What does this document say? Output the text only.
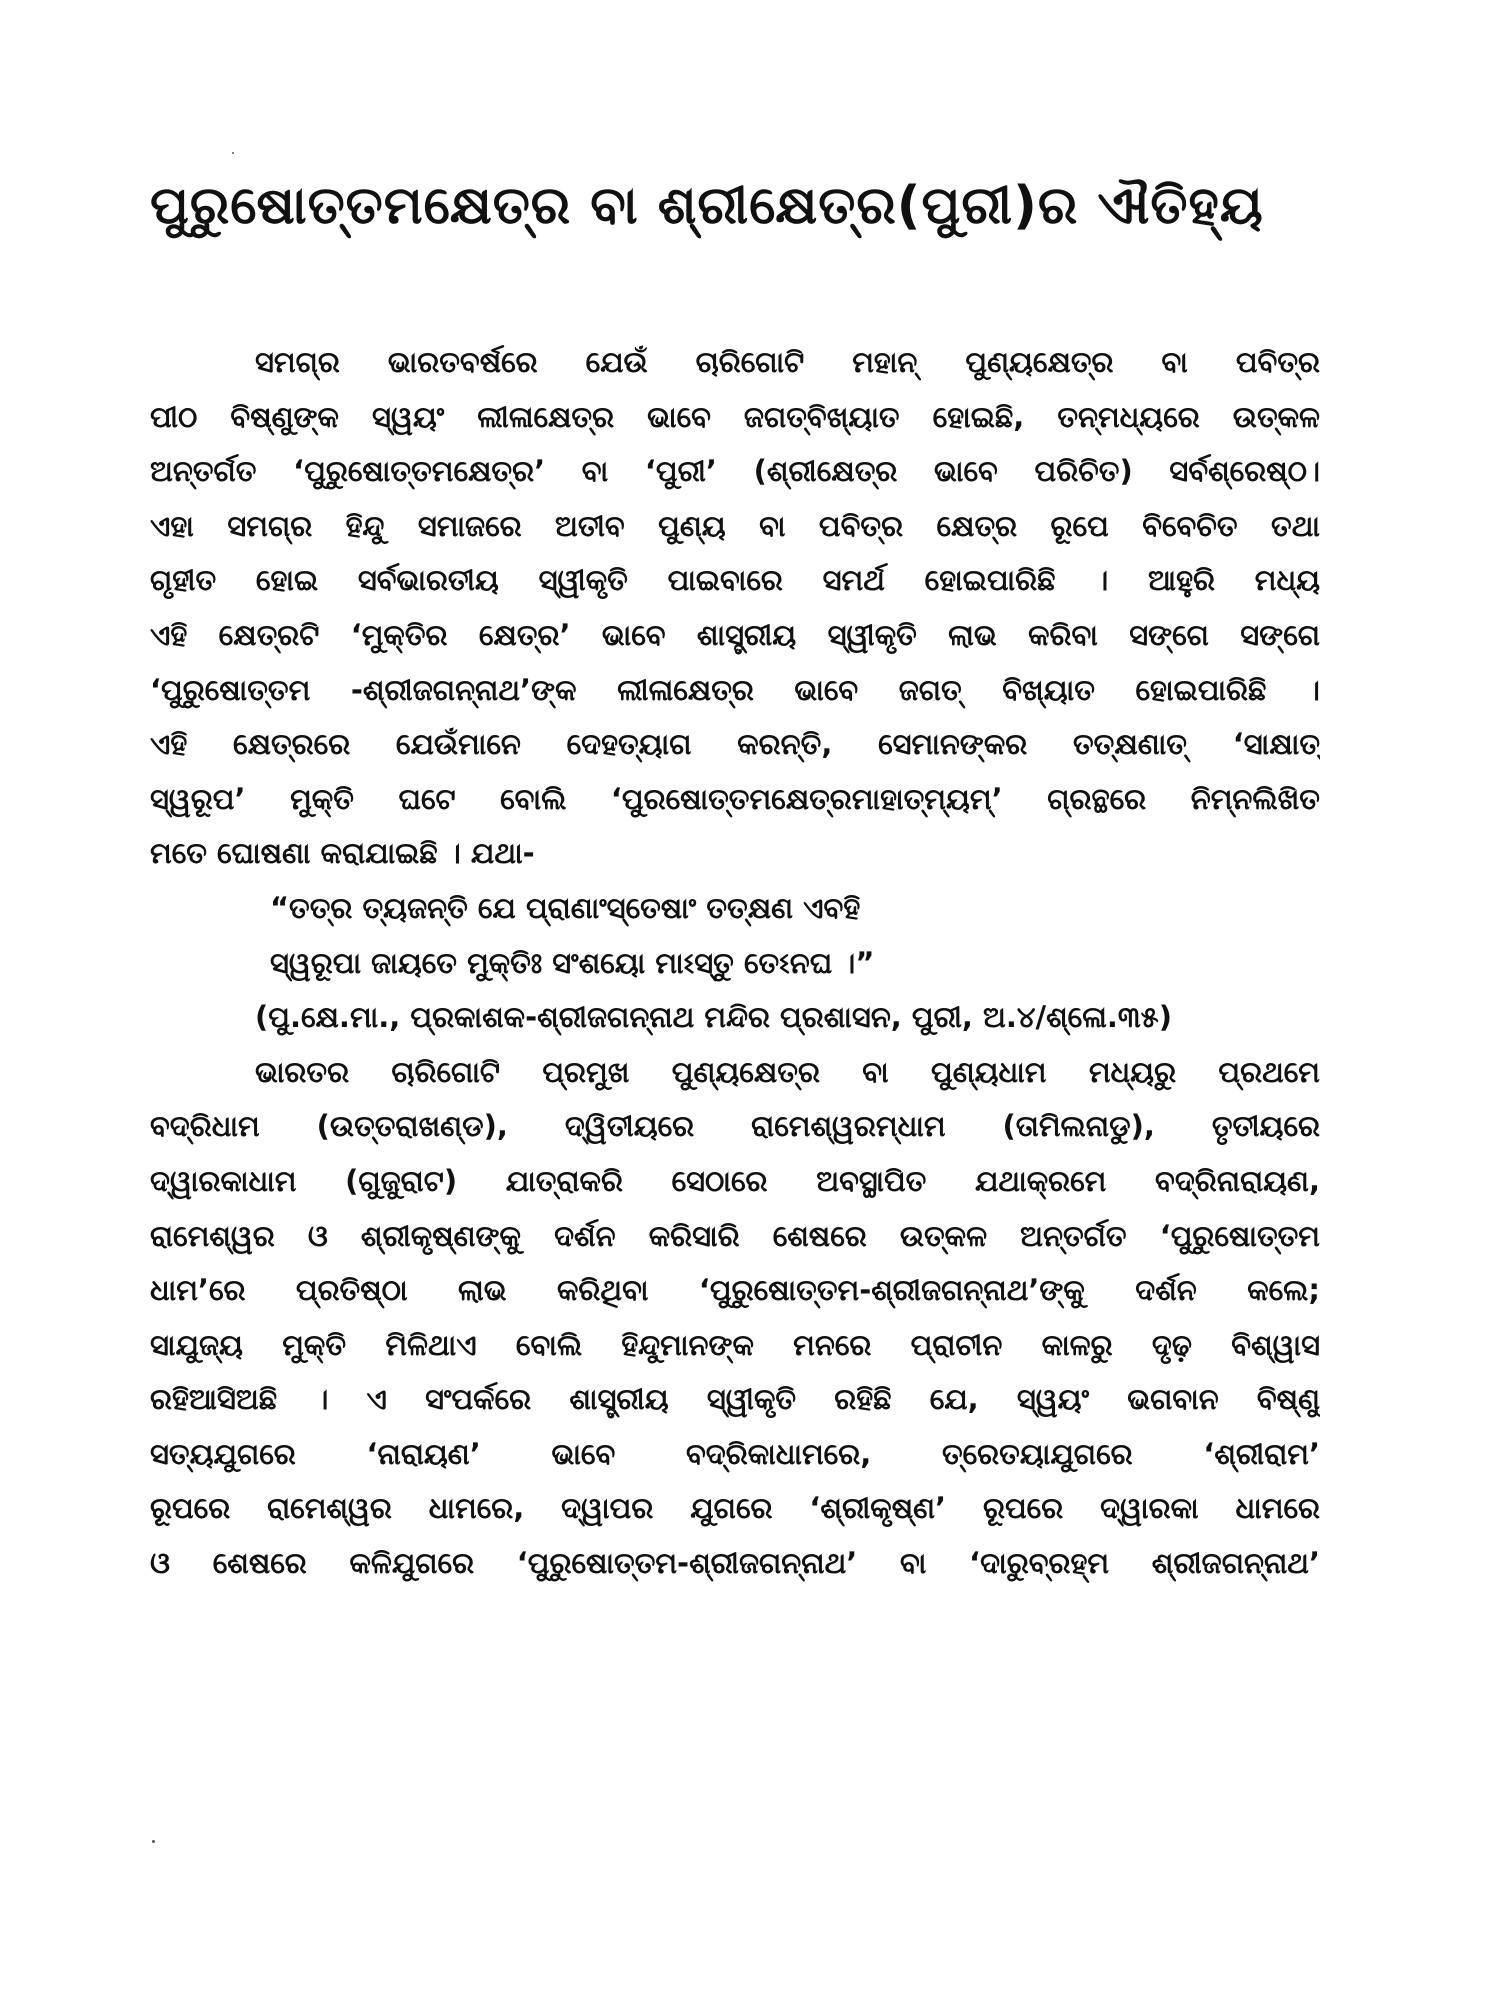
ପୁରୁଷୋତ୍ତମକ୍ଷେତ୍ର ବା ଶ୍ରୀକ୍ଷେତ୍ର(ପୁରୀ)ର ଐତିହ୍ୟ
ସମଗ୍ର ଭାରତବର୍ଷରେ ଯେଉଁ ଚାରିଗୋଟି ମହାନ୍ ପୁଣ୍ୟକ୍ଷେତ୍ର ବା ପବିତ୍ର
ପୀଠ ବିଷ୍ଣୁଙ୍କ ସ୍ୱୟଂ ଲୀଳାକ୍ଷେତ୍ର ଭାବେ ଜଗତ୍‌ବିଖ୍ୟାତ ହୋଇଛି, ତନ୍ମଧ୍ୟରେ ଉତ୍କଳ
ଅନ୍ତର୍ଗତ ‘ପୁରୁଷୋତ୍ତମକ୍ଷେତ୍ର’ ବା ‘ପୁରୀ’ (ଶ୍ରୀକ୍ଷେତ୍ର ଭାବେ ପରିଚିତ) ସର୍ବଶ୍ରେଷ୍ଠ।
ଏହା ସମଗ୍ର ହିନ୍ଦୁ ସମାଜରେ ଅତୀବ ପୁଣ୍ୟ ବା ପବିତ୍ର କ୍ଷେତ୍ର ରୂପେ ବିବେଚିତ ତଥା
ଗୃହୀତ ହୋଇ ସର୍ବଭାରତୀୟ ସ୍ୱୀକୃତି ପାଇବାରେ ସମର୍ଥ ହୋଇପାରିଛି । ଆହୁରି ମଧ୍ୟ
ଏହି କ୍ଷେତ୍ରଟି ‘ମୁକ୍ତିର କ୍ଷେତ୍ର’ ଭାବେ ଶାସ୍ତ୍ରୀୟ ସ୍ୱୀକୃତି ଲାଭ କରିବା ସଙ୍ଗେ ସଙ୍ଗେ
‘ପୁରୁଷୋତ୍ତମ -ଶ୍ରୀଜଗନ୍ନାଥ’ଙ୍କ ଲୀଳାକ୍ଷେତ୍ର ଭାବେ ଜଗତ୍ ବିଖ୍ୟାତ ହୋଇପାରିଛି ।
ଏହି କ୍ଷେତ୍ରରେ ଯେଉଁମାନେ ଦେହତ୍ୟାଗ କରନ୍ତି, ସେମାନଙ୍କର ତତ୍‌କ୍ଷଣାତ୍ ‘ସାକ୍ଷାତ୍
ସ୍ୱରୂପ’ ମୁକ୍ତି ଘଟେ ବୋଲି ‘ପୁରଷୋତ୍ତମକ୍ଷେତ୍ରମାହାତ୍ମ୍ୟମ୍’ ଗ୍ରନ୍ଥରେ ନିମ୍ନଲିଖିତ
ମତେ ଘୋଷଣା କରାଯାଇଛି । ଯଥା-
“ତତ୍ର ତ୍ୟଜନ୍ତି ଯେ ପ୍ରାଣାଂସ୍ତେଷାଂ ତତ୍‌କ୍ଷଣ ଏବହି
ସ୍ୱରୂପା ଜାୟତେ ମୁକ୍ତିଃ ସଂଶୟୋ ମାଽସ୍ତୁ ତେଽନଘ ।”
(ପୁ.କ୍ଷେ.ମା., ପ୍ରକାଶକ-ଶ୍ରୀଜଗନ୍ନାଥ ମନ୍ଦିର ପ୍ରଶାସନ, ପୁରୀ, ଅ.୪/ଶ୍ଳୋ.୩୫)
ଭାରତର ଚାରିଗୋଟି ପ୍ରମୁଖ ପୁଣ୍ୟକ୍ଷେତ୍ର ବା ପୁଣ୍ୟଧାମ ମଧ୍ୟରୁ ପ୍ରଥମେ
ବଦ୍ରିଧାମ (ଉତ୍ତରାଖଣ୍ଡ), ଦ୍ୱିତୀୟରେ ରାମେଶ୍ୱରମ୍‌ଧାମ (ତାମିଲନାଡୁ), ତୃତୀୟରେ
ଦ୍ୱାରକାଧାମ (ଗୁଜୁରାଟ) ଯାତ୍ରାକରି ସେଠାରେ ଅବସ୍ଥାପିତ ଯଥାକ୍ରମେ ବଦ୍ରିନାରାୟଣ,
ରାମେଶ୍ୱର ଓ ଶ୍ରୀକୃଷ୍ଣଙ୍କୁ ଦର୍ଶନ କରିସାରି ଶେଷରେ ଉତ୍କଳ ଅନ୍ତର୍ଗତ ‘ପୁରୁଷୋତ୍ତମ
ଧାମ’ରେ ପ୍ରତିଷ୍ଠା ଲାଭ କରିଥିବା ‘ପୁରୁଷୋତ୍ତମ-ଶ୍ରୀଜଗନ୍ନାଥ’ଙ୍କୁ ଦର୍ଶନ କଲେ;
ସାଯୁଜ୍ୟ ମୁକ୍ତି ମିଳିଥାଏ ବୋଲି ହିନ୍ଦୁମାନଙ୍କ ମନରେ ପ୍ରାଚୀନ କାଳରୁ ଦୃଢ଼ ବିଶ୍ୱାସ
ରହିଆସିଅଛି । ଏ ସଂପର୍କରେ ଶାସ୍ତ୍ରୀୟ ସ୍ୱୀକୃତି ରହିଛି ଯେ, ସ୍ୱୟଂ ଭଗବାନ ବିଷ୍ଣୁ
ସତ୍ୟଯୁଗରେ ‘ନାରାୟଣ’ ଭାବେ ବଦ୍ରିକାଧାମରେ, ତ୍ରେତୟାଯୁଗରେ ‘ଶ୍ରୀରାମ’
ରୂପରେ ରାମେଶ୍ୱର ଧାମରେ, ଦ୍ୱାପର ଯୁଗରେ ‘ଶ୍ରୀକୃଷ୍ଣ’ ରୂପରେ ଦ୍ୱାରକା ଧାମରେ
ଓ ଶେଷରେ କଳିଯୁଗରେ ‘ପୁରୁଷୋତ୍ତମ-ଶ୍ରୀଜଗନ୍ନାଥ’ ବା ‘ଦାରୁବ୍ରହ୍ମ ଶ୍ରୀଜଗନ୍ନାଥ’
